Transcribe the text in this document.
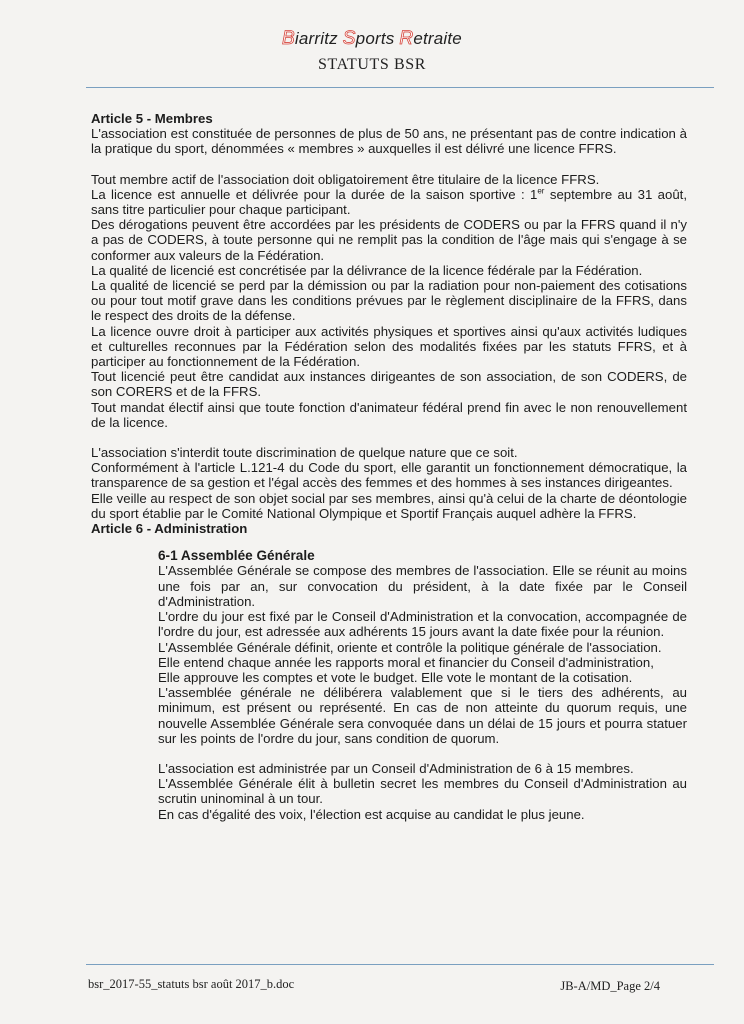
Biarritz Sports Retraite
STATUTS BSR

Article 5 - Membres

L'association est constituée de personnes de plus de 50 ans, ne présentant pas de contre indication à la pratique du sport, dénommées « membres » auxquelles il est délivré une licence FFRS.

Tout membre actif de l'association doit obligatoirement être titulaire de la licence FFRS.

La licence est annuelle et délivrée pour la durée de la saison sportive : 1er septembre au 31 août, sans titre particulier pour chaque participant.

Des dérogations peuvent être accordées par les présidents de CODERS ou par la FFRS quand il n'y a pas de CODERS, à toute personne qui ne remplit pas la condition de l'âge mais qui s'engage à se conformer aux valeurs de la Fédération.

La qualité de licencié est concrétisée par la délivrance de la licence fédérale par la Fédération.

La qualité de licencié se perd par la démission ou par la radiation pour non-paiement des cotisations ou pour tout motif grave dans les conditions prévues par le règlement disciplinaire de la FFRS, dans le respect des droits de la défense.

La licence ouvre droit à participer aux activités physiques et sportives ainsi qu'aux activités ludiques et culturelles reconnues par la Fédération selon des modalités fixées par les statuts FFRS, et à participer au fonctionnement de la Fédération.

Tout licencié peut être candidat aux instances dirigeantes de son association, de son CODERS, de son CORERS et de la FFRS.

Tout mandat électif ainsi que toute fonction d'animateur fédéral prend fin avec le non renouvellement de la licence.

L'association s'interdit toute discrimination de quelque nature que ce soit.

Conformément à l'article L.121-4 du Code du sport, elle garantit un fonctionnement démocratique, la transparence de sa gestion et l'égal accès des femmes et des hommes à ses instances dirigeantes.

Elle veille au respect de son objet social par ses membres, ainsi qu'à celui de la charte de déontologie du sport établie par le Comité National Olympique et Sportif Français auquel adhère la FFRS.

Article 6 - Administration

6-1 Assemblée Générale

L'Assemblée Générale se compose des membres de l'association. Elle se réunit au moins une fois par an, sur convocation du président, à la date fixée par le Conseil d'Administration.

L'ordre du jour est fixé par le Conseil d'Administration et la convocation, accompagnée de l'ordre du jour, est adressée aux adhérents 15 jours avant la date fixée pour la réunion.

L'Assemblée Générale définit, oriente et contrôle la politique générale de l'association.

Elle entend chaque année les rapports moral et financier du Conseil d'administration,

Elle approuve les comptes et vote le budget. Elle vote le montant de la cotisation.

L'assemblée générale ne délibérera valablement que si le tiers des adhérents, au minimum, est présent ou représenté. En cas de non atteinte du quorum requis, une nouvelle Assemblée Générale sera convoquée dans un délai de 15 jours et pourra statuer sur les points de l'ordre du jour, sans condition de quorum.

L'association est administrée par un Conseil d'Administration de 6 à 15 membres.

L'Assemblée Générale élit à bulletin secret les membres du Conseil d'Administration au scrutin uninominal à un tour.

En cas d'égalité des voix, l'élection est acquise au candidat le plus jeune.

bsr_2017-55_statuts bsr août 2017_b.doc	JB-A/MD_Page 2/4
